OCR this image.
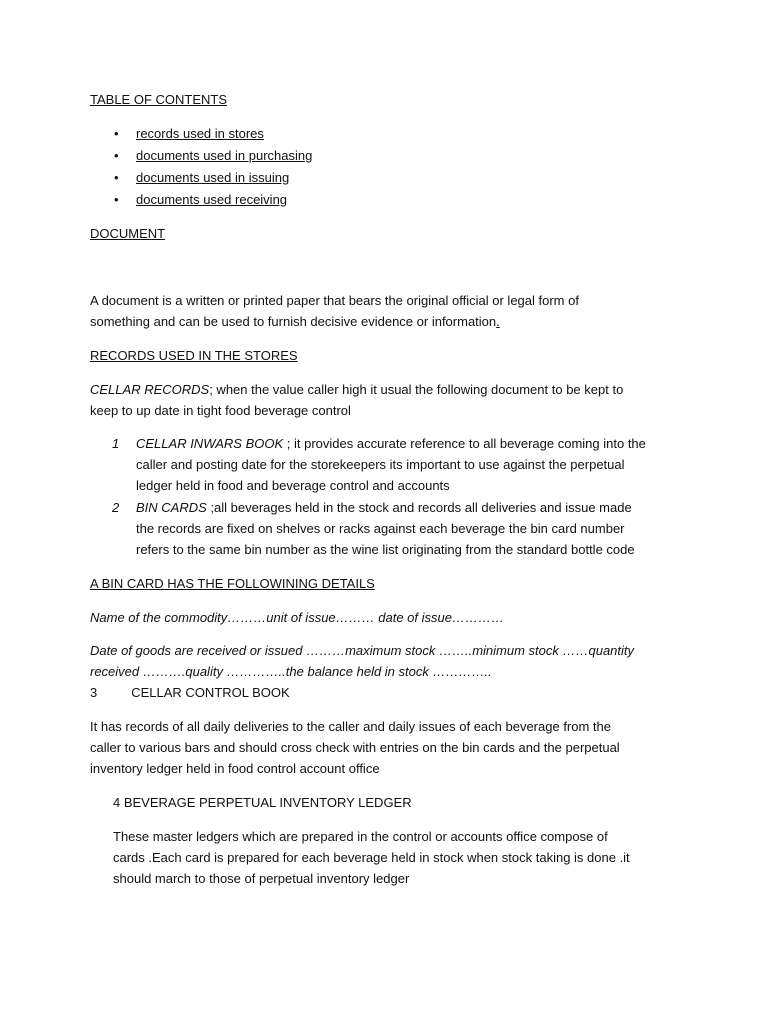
TABLE OF CONTENTS
• records used in stores
• documents used in purchasing
• documents used in issuing
• documents used receiving
DOCUMENT
A document is a written or printed paper that bears the original official or legal form of
something and can be used to furnish decisive evidence or information.
RECORDS USED IN THE STORES
CELLAR RECORDS; when the value caller high it usual the following document to be kept to
keep to up date in tight food beverage control
1 CELLAR INWARS BOOK ; it provides accurate reference to all beverage coming into the
caller and posting date for the storekeepers its important to use against the perpetual
ledger held in food and beverage control and accounts
2 BIN CARDS ;all beverages held in the stock and records all deliveries and issue made
the records are fixed on shelves or racks against each beverage the bin card number
refers to the same bin number as the wine list originating from the standard bottle code
A BIN CARD HAS THE FOLLOWINING DETAILS
Name of the commodity………unit of issue……… date of issue…………
Date of goods are received or issued ………maximum stock ……..minimum stock ……quantity
received ……….quality …………..the balance held in stock …………..
3	CELLAR CONTROL BOOK
It has records of all daily deliveries to the caller and daily issues of each beverage from the
caller to various bars and should cross check with entries on the bin cards and the perpetual
inventory ledger held in food control account office
4 BEVERAGE PERPETUAL INVENTORY LEDGER
These master ledgers which are prepared in the control or accounts office compose of
cards .Each card is prepared for each beverage held in stock when stock taking is done .it
should march to those of perpetual inventory ledger
